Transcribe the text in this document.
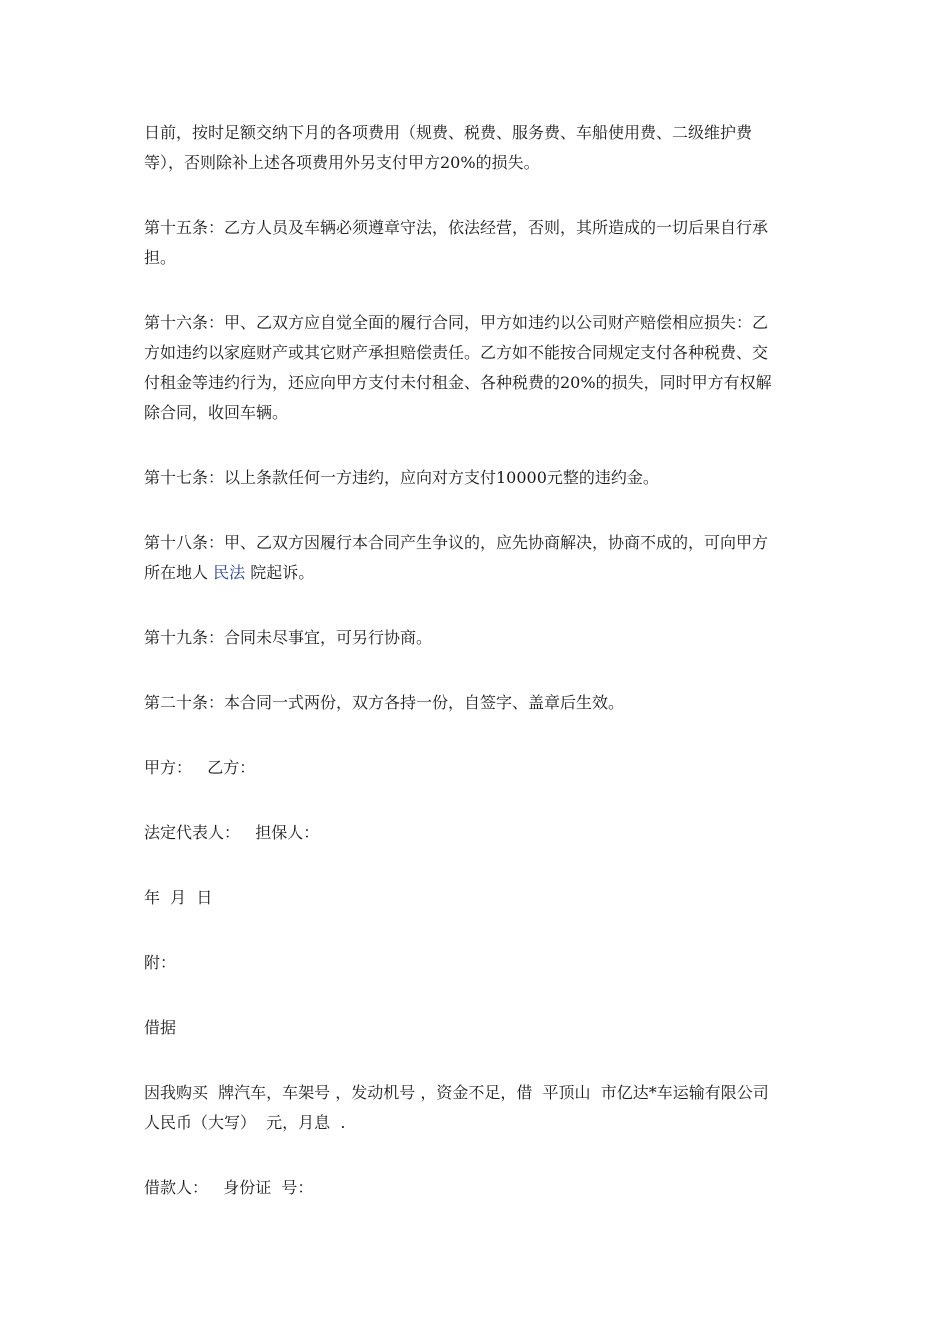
日前，按时足额交纳下月的各项费用（规费、税费、服务费、车船使用费、二级维护费
等），否则除补上述各项费用外另支付甲方20%的损失。

第十五条：乙方人员及车辆必须遵章守法，依法经营，否则，其所造成的一切后果自行承
担。

第十六条：甲、乙双方应自觉全面的履行合同，甲方如违约以公司财产赔偿相应损失：乙
方如违约以家庭财产或其它财产承担赔偿责任。乙方如不能按合同规定支付各种税费、交
付租金等违约行为，还应向甲方支付未付租金、各种税费的20%的损失，同时甲方有权解
除合同，收回车辆。

第十七条：以上条款任何一方违约，应向对方支付10000元整的违约金。

第十八条：甲、乙双方因履行本合同产生争议的，应先协商解决，协商不成的，可向甲方
所在地人 民法 院起诉。

第十九条：合同未尽事宜，可另行协商。

第二十条：本合同一式两份，双方各持一份，自签字、盖章后生效。

甲方：   乙方：

法定代表人：   担保人：

年  月  日

附：

借据

因我购买  牌汽车，车架号 ，发动机号 ，资金不足，借  平顶山  市亿达*车运输有限公司
人民币（大写）  元，月息  .

借款人：   身份证  号：
